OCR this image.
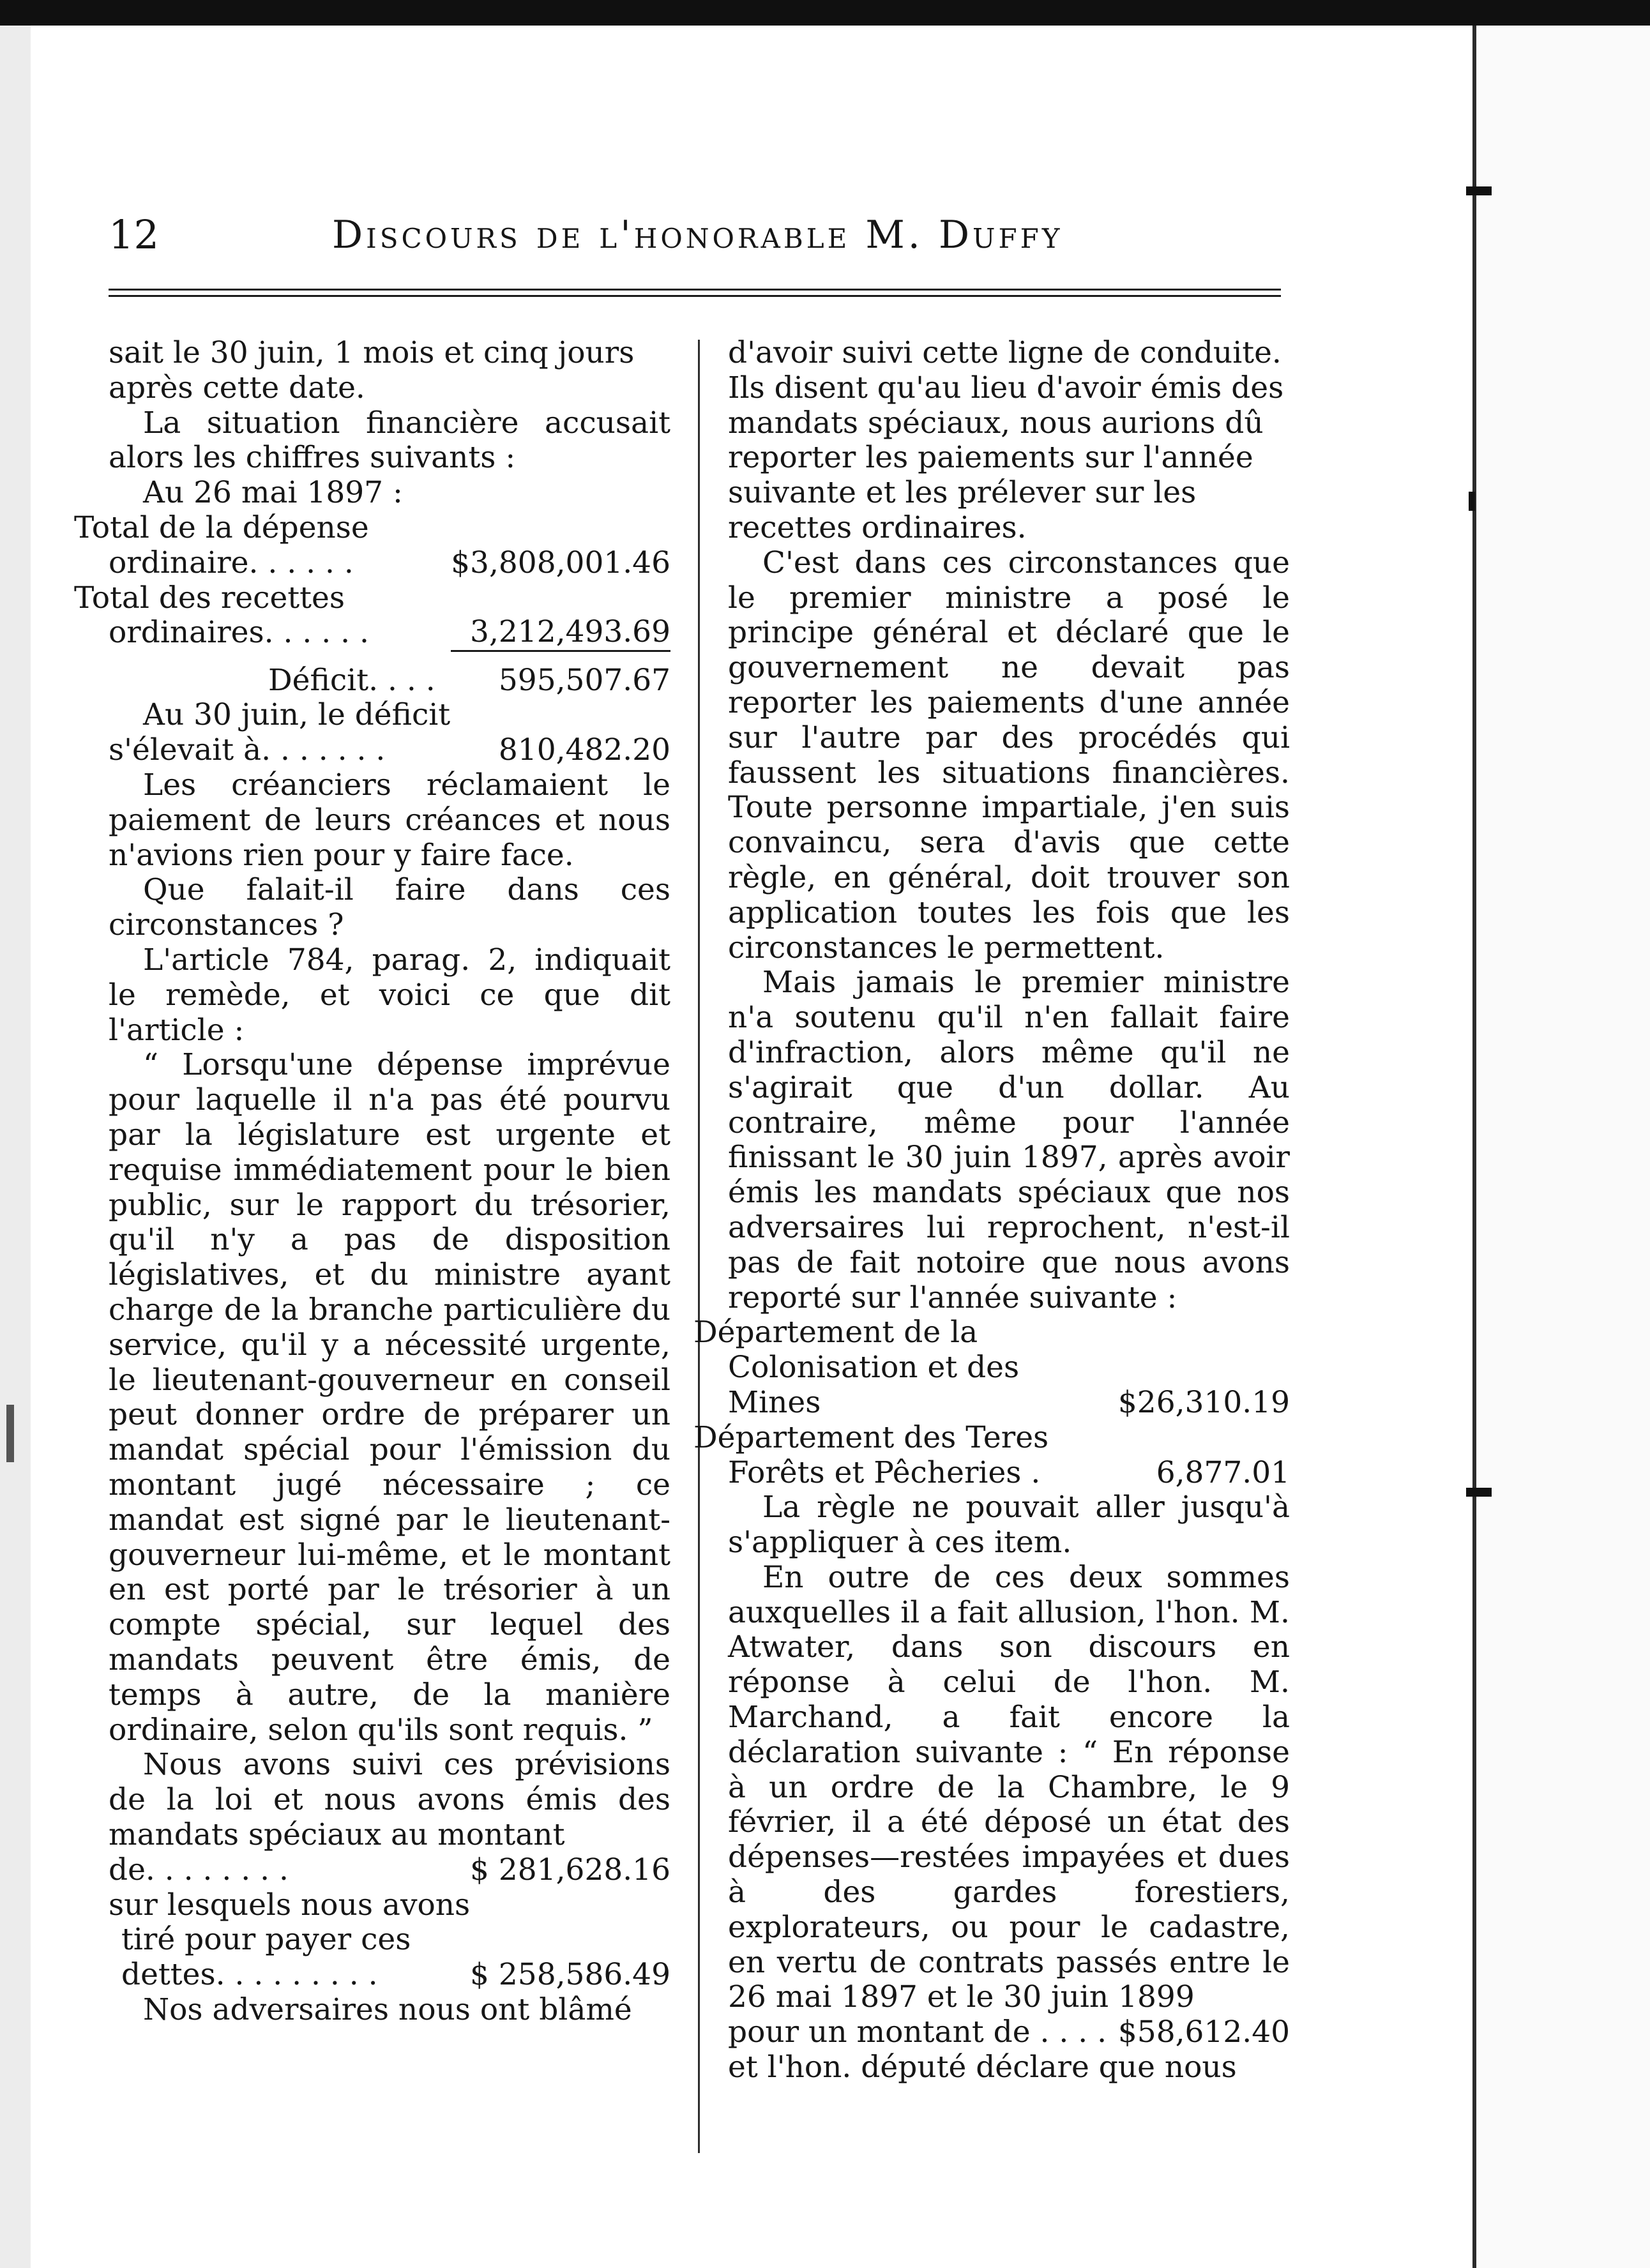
12	Discours de l'honorable M. Duffy

sait le 30 juin, 1 mois et cinq jours après cette date.

La situation financière accusait alors les chiffres suivants :

Au 26 mai 1897 :

Total de la dépense ordinaire. . . . . .	$3,808,001.46
Total des recettes ordinaires. . . . . .	3,212,493.69
Déficit. . . .	595,507.67

Au 30 juin, le déficit

s'élevait à. . . . . . .	810,482.20

Les créanciers réclamaient le paiement de leurs créances et nous n'avions rien pour y faire face.

Que falait-il faire dans ces circonstances ?

L'article 784, parag. 2, indiquait le remède, et voici ce que dit l'article :

“ Lorsqu'une dépense imprévue pour laquelle il n'a pas été pourvu par la législature est urgente et requise immédiatement pour le bien public, sur le rapport du trésorier, qu'il n'y a pas de disposition législatives, et du ministre ayant charge de la branche particulière du service, qu'il y a nécessité urgente, le lieutenant-gouverneur en conseil peut donner ordre de préparer un mandat spécial pour l'émission du montant jugé nécessaire ; ce mandat est signé par le lieutenant-gouverneur lui-même, et le montant en est porté par le trésorier à un compte spécial, sur lequel des mandats peuvent être émis, de temps à autre, de la manière ordinaire, selon qu'ils sont requis. ”

Nous avons suivi ces prévisions de la loi et nous avons émis des mandats spéciaux au montant

de. . . . . . . .	$ 281,628.16

sur lesquels nous avons

tiré pour payer ces

dettes. . . . . . . . .	$ 258,586.49

Nos adversaires nous ont blâmé

d'avoir suivi cette ligne de conduite. Ils disent qu'au lieu d'avoir émis des mandats spéciaux, nous aurions dû reporter les paiements sur l'année suivante et les prélever sur les recettes ordinaires.

C'est dans ces circonstances que le premier ministre a posé le principe général et déclaré que le gouvernement ne devait pas reporter les paiements d'une année sur l'autre par des procédés qui faussent les situations financières. Toute personne impartiale, j'en suis convaincu, sera d'avis que cette règle, en général, doit trouver son application toutes les fois que les circonstances le permettent.

Mais jamais le premier ministre n'a soutenu qu'il n'en fallait faire d'infraction, alors même qu'il ne s'agirait que d'un dollar. Au contraire, même pour l'année finissant le 30 juin 1897, après avoir émis les mandats spéciaux que nos adversaires lui reprochent, n'est-il pas de fait notoire que nous avons reporté sur l'année suivante :

Département de la Colonisation et des Mines	$26,310.19
Département des Teres Forêts et Pêcheries .	6,877.01

La règle ne pouvait aller jusqu'à s'appliquer à ces item.

En outre de ces deux sommes auxquelles il a fait allusion, l'hon. M. Atwater, dans son discours en réponse à celui de l'hon. M. Marchand, a fait encore la déclaration suivante : “ En réponse à un ordre de la Chambre, le 9 février, il a été déposé un état des dépenses—restées impayées et dues à des gardes forestiers, explorateurs, ou pour le cadastre, en vertu de contrats passés entre le 26 mai 1897 et le 30 juin 1899

pour un montant de . . . .	$58,612.40

et l'hon. député déclare que nous
